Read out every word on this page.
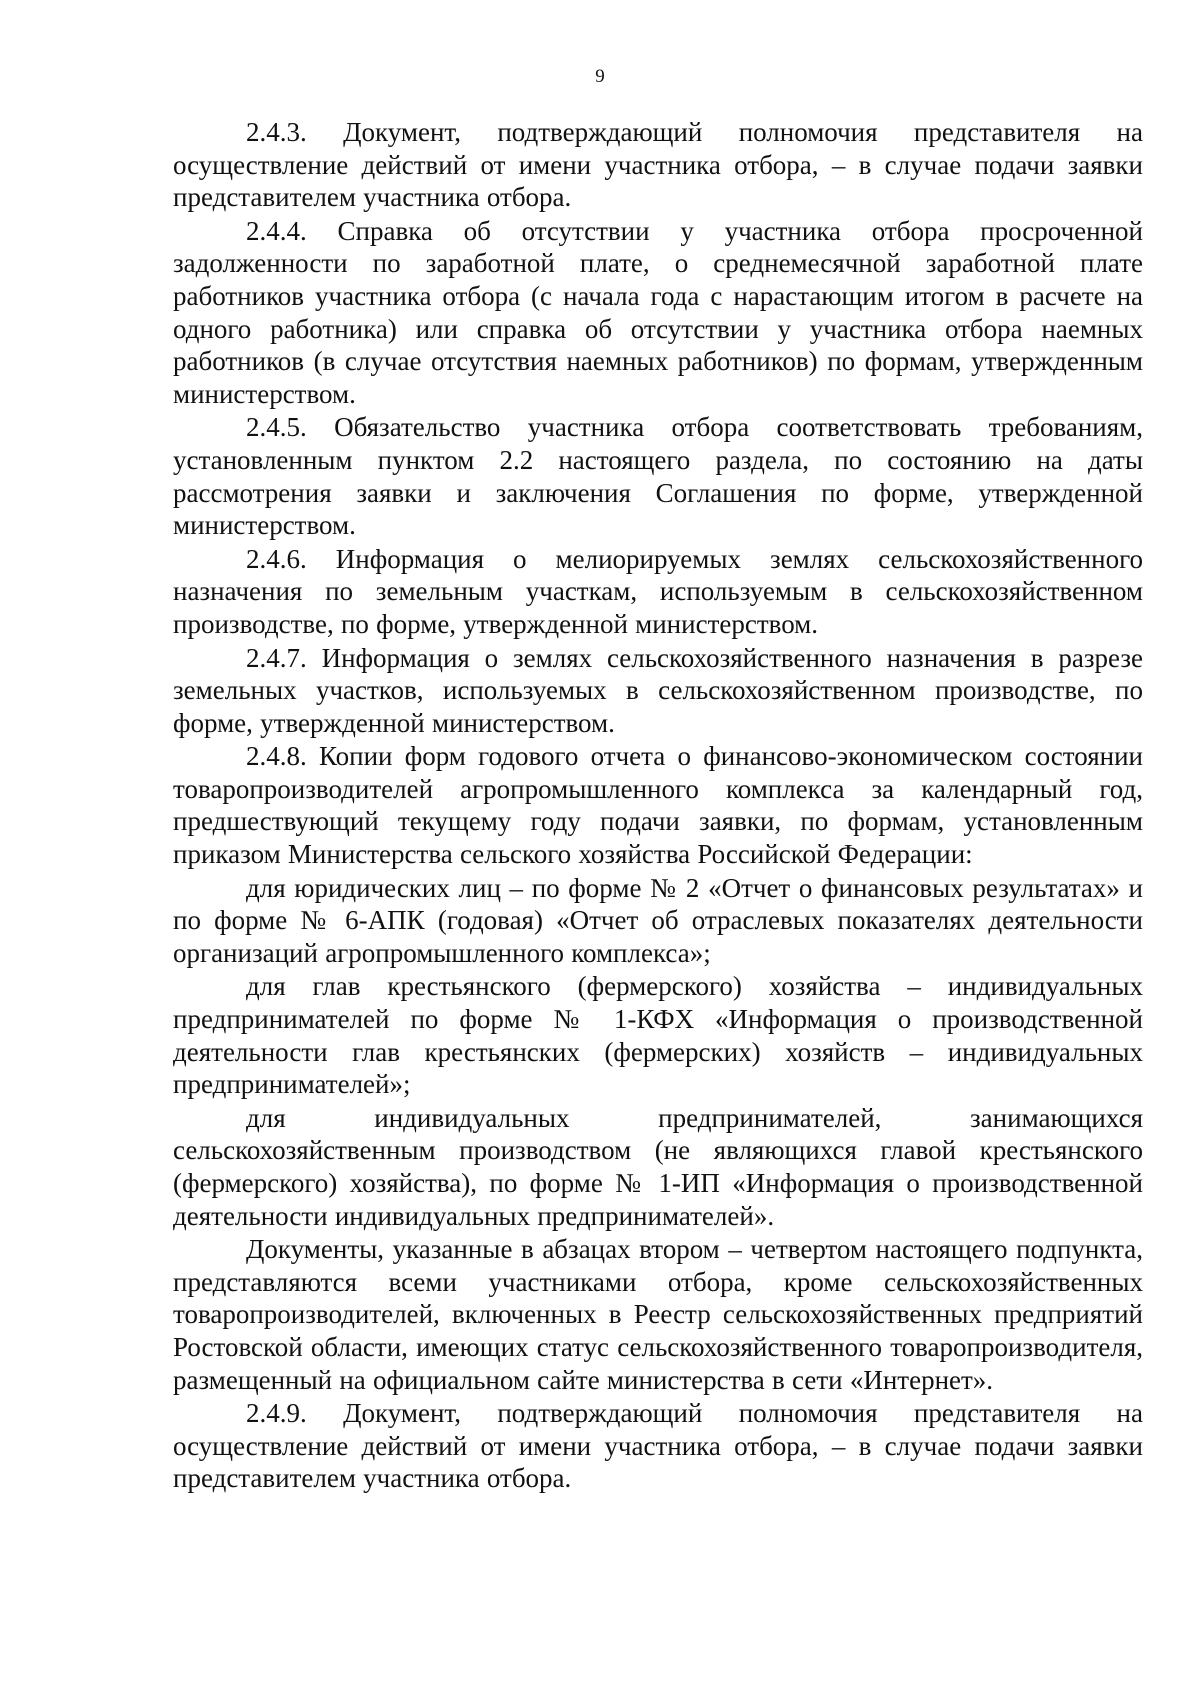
9

2.4.3. Документ, подтверждающий полномочия представителя на осуществление действий от имени участника отбора, – в случае подачи заявки представителем участника отбора.

2.4.4. Справка об отсутствии у участника отбора просроченной задолженности по заработной плате, о среднемесячной заработной плате работников участника отбора (с начала года с нарастающим итогом в расчете на одного работника) или справка об отсутствии у участника отбора наемных работников (в случае отсутствия наемных работников) по формам, утвержденным министерством.

2.4.5. Обязательство участника отбора соответствовать требованиям, установленным пунктом 2.2 настоящего раздела, по состоянию на даты рассмотрения заявки и заключения Соглашения по форме, утвержденной министерством.

2.4.6. Информация о мелиорируемых землях сельскохозяйственного назначения по земельным участкам, используемым в сельскохозяйственном производстве, по форме, утвержденной министерством.

2.4.7. Информация о землях сельскохозяйственного назначения в разрезе земельных участков, используемых в сельскохозяйственном производстве, по форме, утвержденной министерством.

2.4.8. Копии форм годового отчета о финансово-экономическом состоянии товаропроизводителей агропромышленного комплекса за календарный год, предшествующий текущему году подачи заявки, по формам, установленным приказом Министерства сельского хозяйства Российской Федерации:

для юридических лиц – по форме № 2 «Отчет о финансовых результатах» и по форме № 6-АПК (годовая) «Отчет об отраслевых показателях деятельности организаций агропромышленного комплекса»;

для глав крестьянского (фермерского) хозяйства – индивидуальных предпринимателей по форме № 1-КФХ «Информация о производственной деятельности глав крестьянских (фермерских) хозяйств – индивидуальных предпринимателей»;

для индивидуальных предпринимателей, занимающихся сельскохозяйственным производством (не являющихся главой крестьянского (фермерского) хозяйства), по форме № 1-ИП «Информация о производственной деятельности индивидуальных предпринимателей».

Документы, указанные в абзацах втором – четвертом настоящего подпункта, представляются всеми участниками отбора, кроме сельскохозяйственных товаропроизводителей, включенных в Реестр сельскохозяйственных предприятий Ростовской области, имеющих статус сельскохозяйственного товаропроизводителя, размещенный на официальном сайте министерства в сети «Интернет».

2.4.9. Документ, подтверждающий полномочия представителя на осуществление действий от имени участника отбора, – в случае подачи заявки представителем участника отбора.
